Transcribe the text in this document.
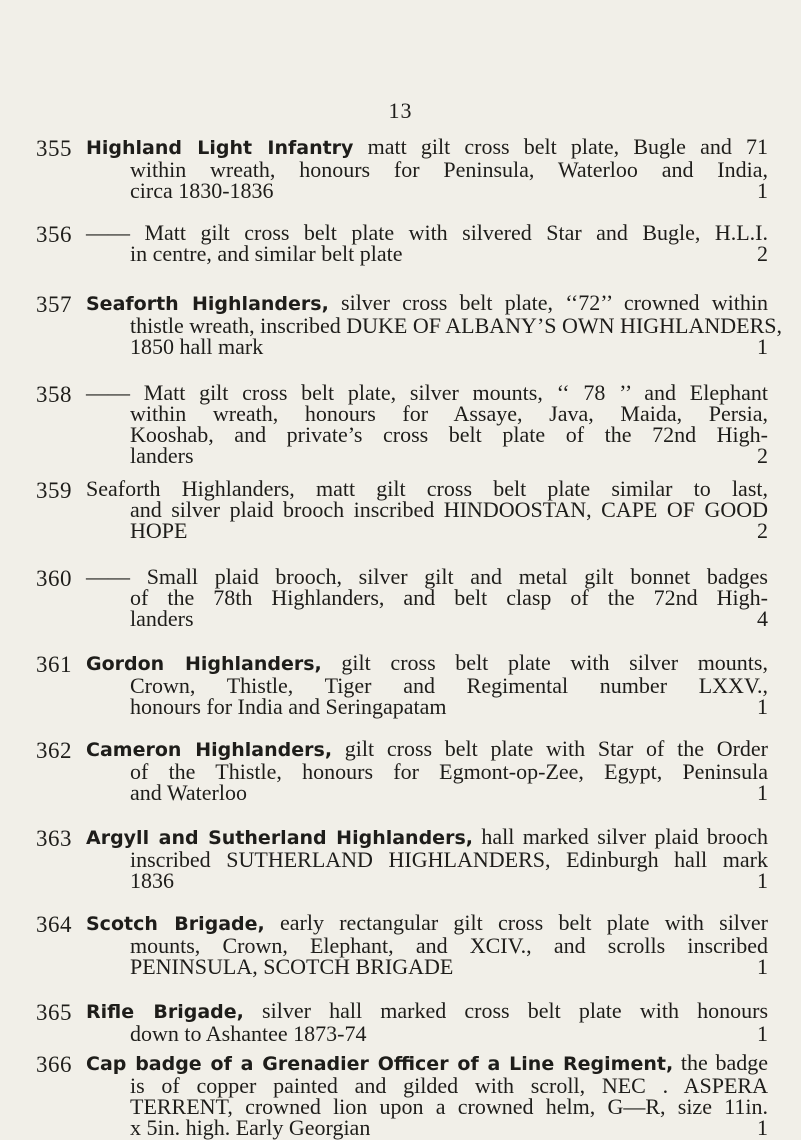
13
355 Highland Light Infantry matt gilt cross belt plate, Bugle and 71
within wreath, honours for Peninsula, Waterloo and India,
circa 1830-1836	1
356 —— Matt gilt cross belt plate with silvered Star and Bugle, H.L.I.
in centre, and similar belt plate	2
357 Seaforth Highlanders, silver cross belt plate, ‘‘72’’ crowned within
thistle wreath, inscribed DUKE OF ALBANY’S OWN HIGHLANDERS,
1850 hall mark	1
358 —— Matt gilt cross belt plate, silver mounts, ‘‘ 78 ’’ and Elephant
within wreath, honours for Assaye, Java, Maida, Persia,
Kooshab, and private’s cross belt plate of the 72nd High-
landers	2
359 Seaforth Highlanders, matt gilt cross belt plate similar to last,
and silver plaid brooch inscribed HINDOOSTAN, CAPE OF GOOD
HOPE	2
360 —— Small plaid brooch, silver gilt and metal gilt bonnet badges
of the 78th Highlanders, and belt clasp of the 72nd High-
landers	4
361 Gordon Highlanders, gilt cross belt plate with silver mounts,
Crown, Thistle, Tiger and Regimental number LXXV.,
honours for India and Seringapatam	1
362 Cameron Highlanders, gilt cross belt plate with Star of the Order
of the Thistle, honours for Egmont-op-Zee, Egypt, Peninsula
and Waterloo	1
363 Argyll and Sutherland Highlanders, hall marked silver plaid brooch
inscribed SUTHERLAND HIGHLANDERS, Edinburgh hall mark
1836	1
364 Scotch Brigade, early rectangular gilt cross belt plate with silver
mounts, Crown, Elephant, and XCIV., and scrolls inscribed
PENINSULA, SCOTCH BRIGADE	1
365 Rifle Brigade, silver hall marked cross belt plate with honours
down to Ashantee 1873-74	1
366 Cap badge of a Grenadier Officer of a Line Regiment, the badge
is of copper painted and gilded with scroll, NEC . ASPERA
TERRENT, crowned lion upon a crowned helm, G—R, size 11in.
x 5in. high. Early Georgian	1
